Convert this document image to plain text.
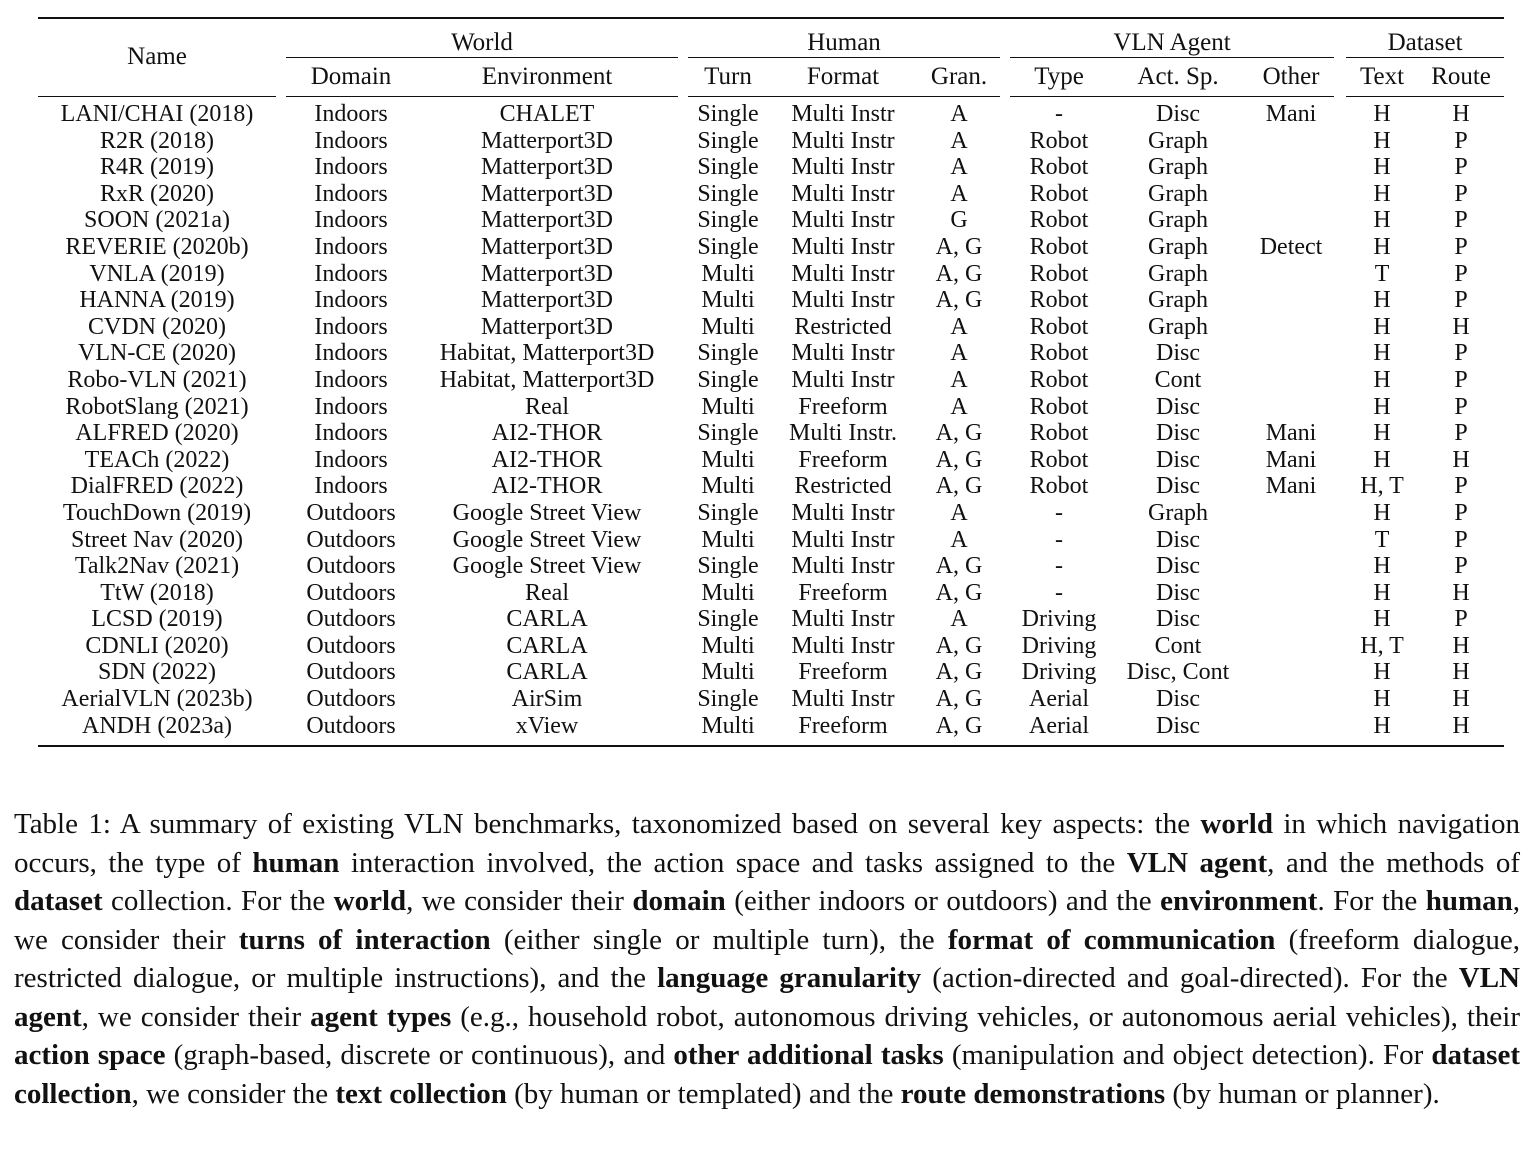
Name		World			Human				VLN Agent				Dataset	
		Domain	Environment		Turn	Format	Gran.		Type	Act. Sp.	Other		Text	Route
LANI/CHAI (2018)		Indoors	CHALET		Single	Multi Instr	A		-	Disc	Mani		H	H
R2R (2018)		Indoors	Matterport3D		Single	Multi Instr	A		Robot	Graph			H	P
R4R (2019)		Indoors	Matterport3D		Single	Multi Instr	A		Robot	Graph			H	P
RxR (2020)		Indoors	Matterport3D		Single	Multi Instr	A		Robot	Graph			H	P
SOON (2021a)		Indoors	Matterport3D		Single	Multi Instr	G		Robot	Graph			H	P
REVERIE (2020b)		Indoors	Matterport3D		Single	Multi Instr	A, G		Robot	Graph	Detect		H	P
VNLA (2019)		Indoors	Matterport3D		Multi	Multi Instr	A, G		Robot	Graph			T	P
HANNA (2019)		Indoors	Matterport3D		Multi	Multi Instr	A, G		Robot	Graph			H	P
CVDN (2020)		Indoors	Matterport3D		Multi	Restricted	A		Robot	Graph			H	H
VLN-CE (2020)		Indoors	Habitat, Matterport3D		Single	Multi Instr	A		Robot	Disc			H	P
Robo-VLN (2021)		Indoors	Habitat, Matterport3D		Single	Multi Instr	A		Robot	Cont			H	P
RobotSlang (2021)		Indoors	Real		Multi	Freeform	A		Robot	Disc			H	P
ALFRED (2020)		Indoors	AI2-THOR		Single	Multi Instr.	A, G		Robot	Disc	Mani		H	P
TEACh (2022)		Indoors	AI2-THOR		Multi	Freeform	A, G		Robot	Disc	Mani		H	H
DialFRED (2022)		Indoors	AI2-THOR		Multi	Restricted	A, G		Robot	Disc	Mani		H, T	P
TouchDown (2019)		Outdoors	Google Street View		Single	Multi Instr	A		-	Graph			H	P
Street Nav (2020)		Outdoors	Google Street View		Multi	Multi Instr	A		-	Disc			T	P
Talk2Nav (2021)		Outdoors	Google Street View		Single	Multi Instr	A, G		-	Disc			H	P
TtW (2018)		Outdoors	Real		Multi	Freeform	A, G		-	Disc			H	H
LCSD (2019)		Outdoors	CARLA		Single	Multi Instr	A		Driving	Disc			H	P
CDNLI (2020)		Outdoors	CARLA		Multi	Multi Instr	A, G		Driving	Cont			H, T	H
SDN (2022)		Outdoors	CARLA		Multi	Freeform	A, G		Driving	Disc, Cont			H	H
AerialVLN (2023b)		Outdoors	AirSim		Single	Multi Instr	A, G		Aerial	Disc			H	H
ANDH (2023a)		Outdoors	xView		Multi	Freeform	A, G		Aerial	Disc			H	H

Table 1: A summary of existing VLN benchmarks, taxonomized based on several key aspects: the world in which navigation occurs, the type of human interaction involved, the action space and tasks assigned to the VLN agent, and the methods of dataset collection. For the world, we consider their domain (either indoors or outdoors) and the environment. For the human, we consider their turns of interaction (either single or multiple turn), the format of communication (freeform dialogue, restricted dialogue, or multiple instructions), and the language granularity (action-directed and goal-directed). For the VLN agent, we consider their agent types (e.g., household robot, autonomous driving vehicles, or autonomous aerial vehicles), their action space (graph-based, discrete or continuous), and other additional tasks (manipulation and object detection). For dataset collection, we consider the text collection (by human or templated) and the route demonstrations (by human or planner).
